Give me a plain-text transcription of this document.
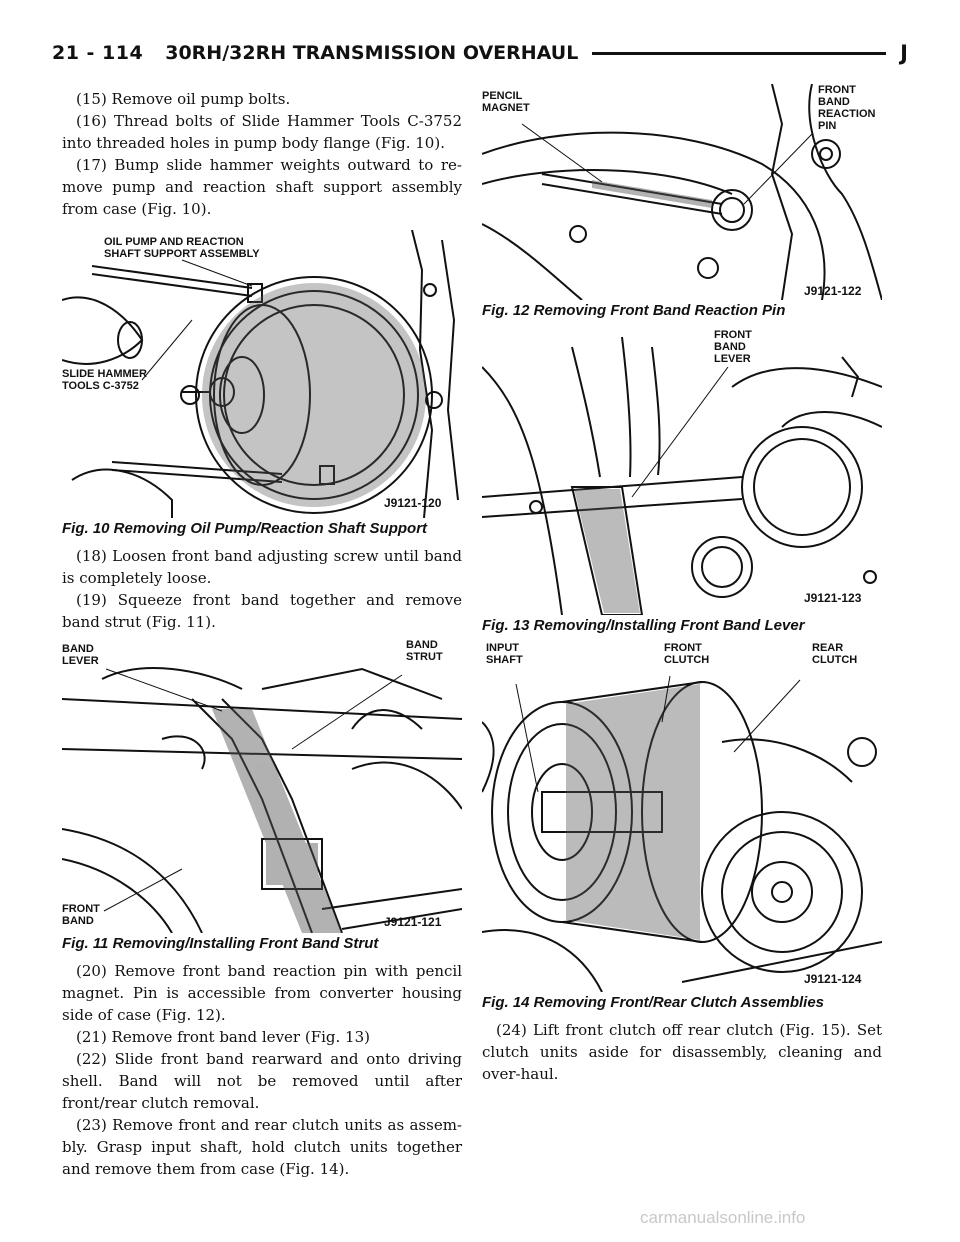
21 - 114 30RH/32RH TRANSMISSION OVERHAUL	J

(15) Remove oil pump bolts.

(16) Thread bolts of Slide Hammer Tools C-3752 into threaded holes in pump body flange (Fig. 10).

(17) Bump slide hammer weights outward to re-move pump and reaction shaft support assembly from case (Fig. 10).

OIL PUMP AND REACTION
SHAFT SUPPORT ASSEMBLY
SLIDE HAMMER
TOOLS C-3752
J9121-120
Fig. 10 Removing Oil Pump/Reaction Shaft Support

(18) Loosen front band adjusting screw until band is completely loose.

(19) Squeeze front band together and remove band strut (Fig. 11).

BAND
LEVER
BAND
STRUT
FRONT
BAND	J9121-121
Fig. 11 Removing/Installing Front Band Strut

(20) Remove front band reaction pin with pencil magnet. Pin is accessible from converter housing side of case (Fig. 12).

(21) Remove front band lever (Fig. 13)

(22) Slide front band rearward and onto driving shell. Band will not be removed until after front/rear clutch removal.

(23) Remove front and rear clutch units as assem-bly. Grasp input shaft, hold clutch units together and remove them from case (Fig. 14).

PENCIL
MAGNET
FRONT
BAND
REACTION
PIN
J9121-122
Fig. 12 Removing Front Band Reaction Pin
FRONT
BAND
LEVER
J9121-123
Fig. 13 Removing/Installing Front Band Lever
INPUT
SHAFT
FRONT
CLUTCH
REAR
CLUTCH
J9121-124
Fig. 14 Removing Front/Rear Clutch Assemblies

(24) Lift front clutch off rear clutch (Fig. 15). Set clutch units aside for disassembly, cleaning and over-haul.

carmanualsonline.info
